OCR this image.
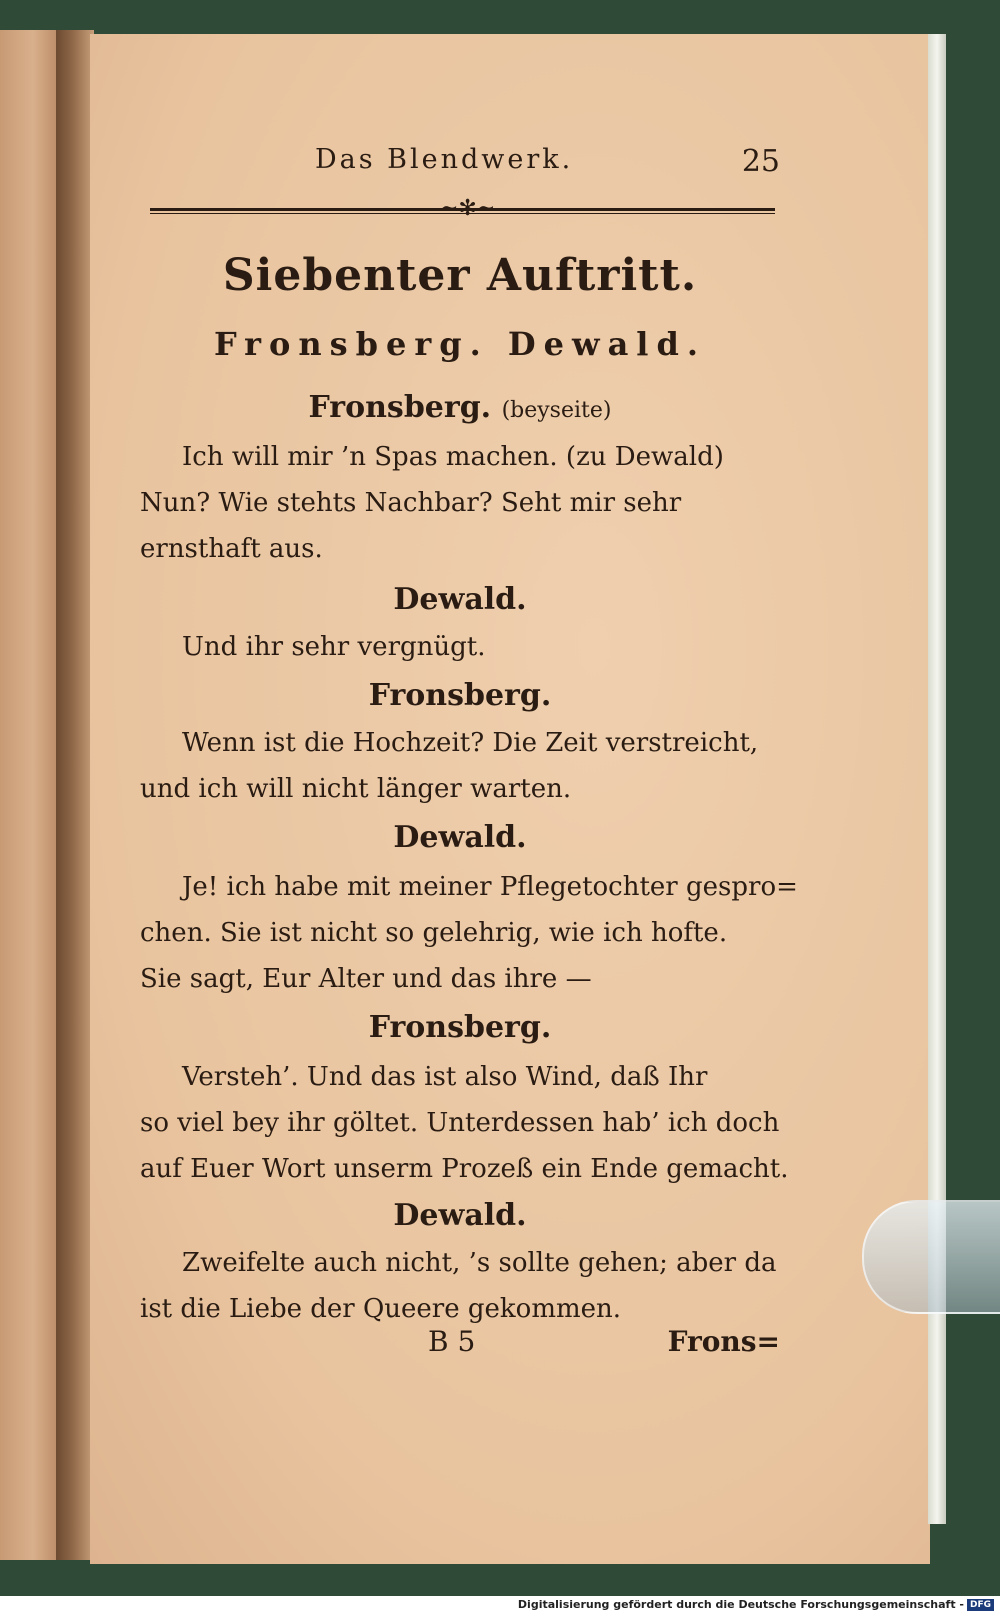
Das Blendwerk.	25
~✻~
Siebenter Auftritt.
Fronsberg. Dewald.
Fronsberg. (beyseite)
Ich will mir ’n Spas machen. (zu Dewald)
Nun? Wie stehts Nachbar? Seht mir sehr
ernsthaft aus.
Dewald.
Und ihr sehr vergnügt.
Fronsberg.
Wenn ist die Hochzeit? Die Zeit verstreicht,
und ich will nicht länger warten.
Dewald.
Je! ich habe mit meiner Pflegetochter gespro=
chen. Sie ist nicht so gelehrig, wie ich hofte.
Sie sagt, Eur Alter und das ihre —
Fronsberg.
Versteh’. Und das ist also Wind, daß Ihr
so viel bey ihr göltet. Unterdessen hab’ ich doch
auf Euer Wort unserm Prozeß ein Ende gemacht.
Dewald.
Zweifelte auch nicht, ’s sollte gehen; aber da
ist die Liebe der Queere gekommen.
B 5	Frons=
Digitalisierung gefördert durch die Deutsche Forschungsgemeinschaft - DFG
